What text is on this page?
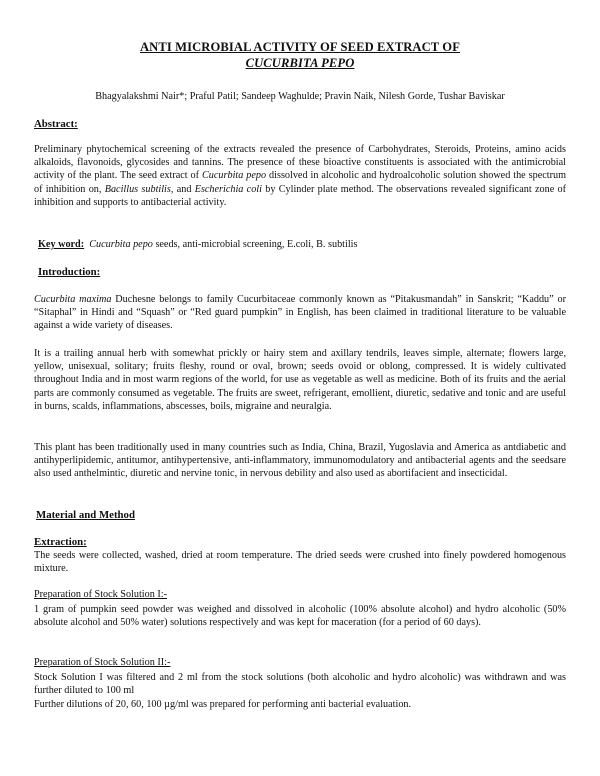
ANTI MICROBIAL ACTIVITY OF SEED EXTRACT OF
CUCURBITA PEPO
Bhagyalakshmi Nair*; Praful Patil; Sandeep Waghulde; Pravin Naik, Nilesh Gorde, Tushar Baviskar
Abstract:

Preliminary phytochemical screening of the extracts revealed the presence of Carbohydrates, Steroids, Proteins, amino acids alkaloids, flavonoids, glycosides and tannins. The presence of these bioactive constituents is associated with the antimicrobial activity of the plant. The seed extract of Cucurbita pepo dissolved in alcoholic and hydroalcoholic solution showed the spectrum of inhibition on, Bacillus subtilis, and Escherichia coli by Cylinder plate method. The observations revealed significant zone of inhibition and supports to antibacterial activity.

Key word: Cucurbita pepo seeds, anti-microbial screening, E.coli, B. subtilis
Introduction:

Cucurbita maxima Duchesne belongs to family Cucurbitaceae commonly known as “Pitakusmandah” in Sanskrit; “Kaddu” or “Sitaphal” in Hindi and “Squash” or “Red guard pumpkin” in English, has been claimed in traditional literature to be valuable against a wide variety of diseases.

It is a trailing annual herb with somewhat prickly or hairy stem and axillary tendrils, leaves simple, alternate; flowers large, yellow, unisexual, solitary; fruits fleshy, round or oval, brown; seeds ovoid or oblong, compressed. It is widely cultivated throughout India and in most warm regions of the world, for use as vegetable as well as medicine. Both of its fruits and the aerial parts are commonly consumed as vegetable. The fruits are sweet, refrigerant, emollient, diuretic, sedative and tonic and are useful in burns, scalds, inflammations, abscesses, boils, migraine and neuralgia.

This plant has been traditionally used in many countries such as India, China, Brazil, Yugoslavia and America as antdiabetic and antihyperlipidemic, antitumor, antihypertensive, anti-inflammatory, immunomodulatory and antibacterial agents and the seedsare also used anthelmintic, diuretic and nervine tonic, in nervous debility and also used as abortifacient and insecticidal.

Material and Method
Extraction:

The seeds were collected, washed, dried at room temperature. The dried seeds were crushed into finely powdered homogenous mixture.

Preparation of Stock Solution I:-

1 gram of pumpkin seed powder was weighed and dissolved in alcoholic (100% absolute alcohol) and hydro alcoholic (50% absolute alcohol and 50% water) solutions respectively and was kept for maceration (for a period of 60 days).

Preparation of Stock Solution II:-

Stock Solution I was filtered and 2 ml from the stock solutions (both alcoholic and hydro alcoholic) was withdrawn and was further diluted to 100 ml

Further dilutions of 20, 60, 100 µg/ml was prepared for performing anti bacterial evaluation.
